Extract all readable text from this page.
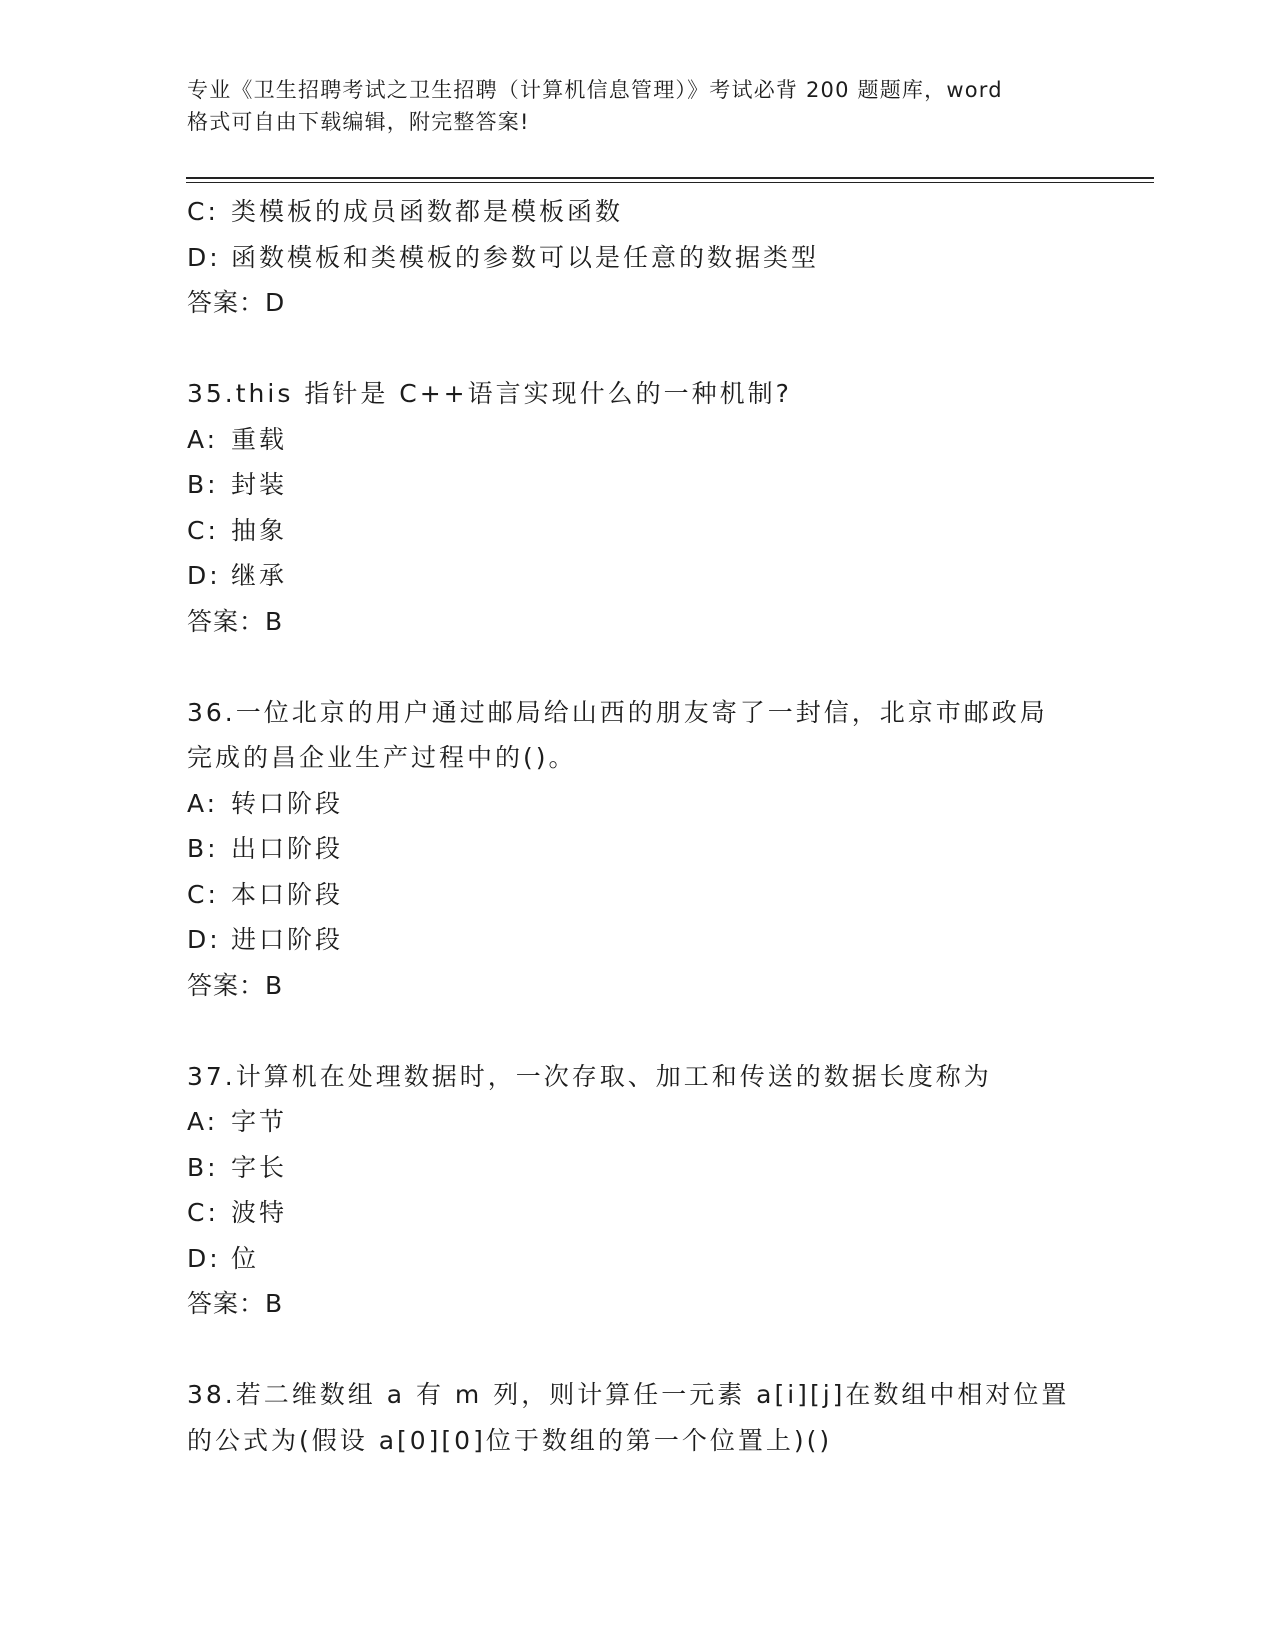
专业《卫生招聘考试之卫生招聘（计算机信息管理）》考试必背 200 题题库，word
格式可自由下载编辑，附完整答案!
C: 类模板的成员函数都是模板函数
D: 函数模板和类模板的参数可以是任意的数据类型
答案：D
35.this 指针是 C++语言实现什么的一种机制?
A: 重载
B: 封装
C: 抽象
D: 继承
答案：B
36.一位北京的用户通过邮局给山西的朋友寄了一封信，北京市邮政局
完成的昌企业生产过程中的()。
A: 转口阶段
B: 出口阶段
C: 本口阶段
D: 进口阶段
答案：B
37.计算机在处理数据时，一次存取、加工和传送的数据长度称为
A: 字节
B: 字长
C: 波特
D: 位
答案：B
38.若二维数组 a 有 m 列，则计算任一元素 a[i][j]在数组中相对位置
的公式为(假设 a[0][0]位于数组的第一个位置上)()
